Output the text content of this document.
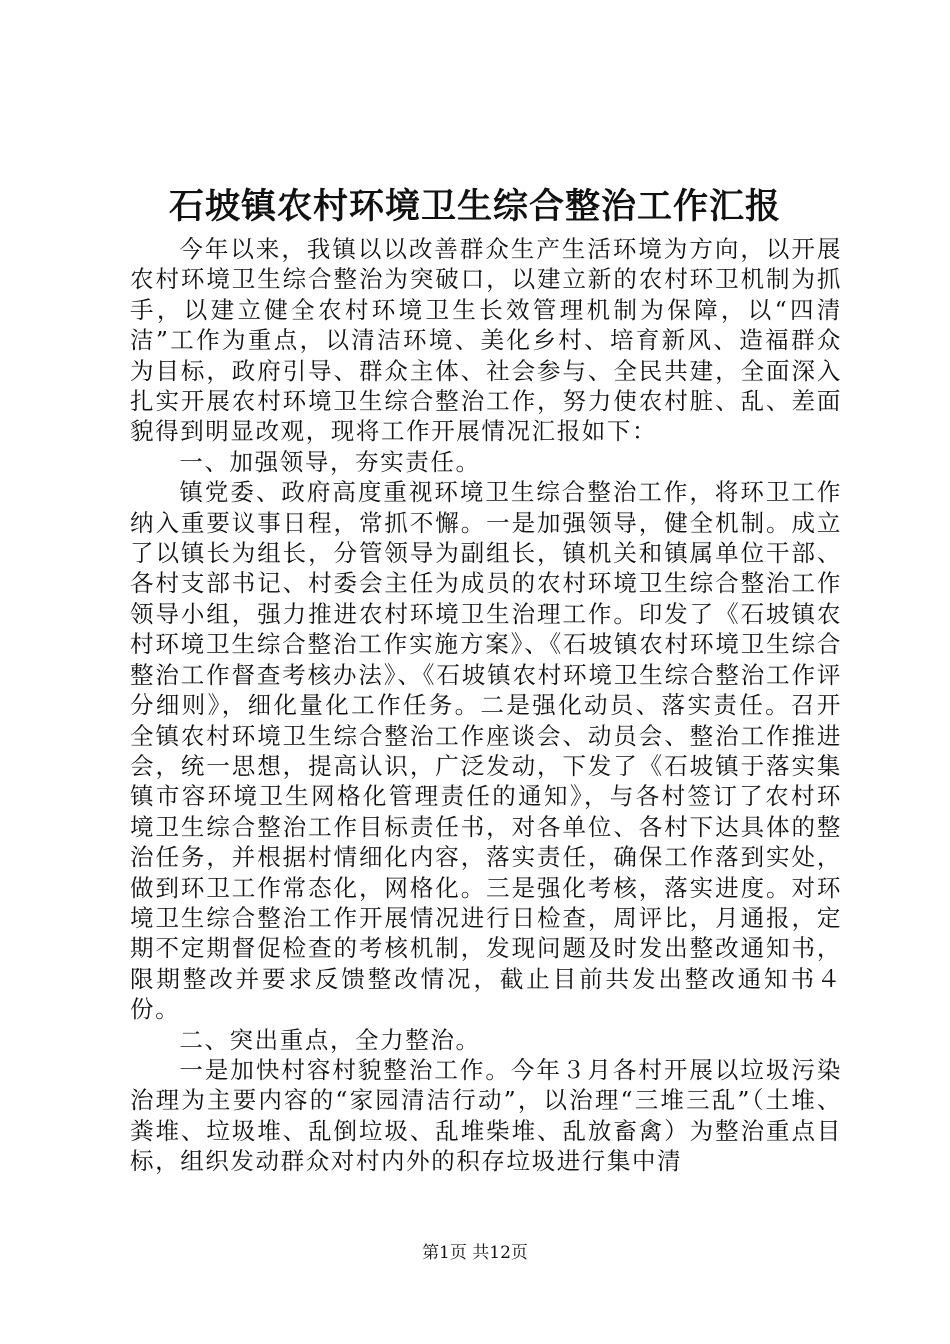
石坡镇农村环境卫生综合整治工作汇报

今年以来，我镇以以改善群众生产生活环境为方向，以开展农村环境卫生综合整治为突破口，以建立新的农村环卫机制为抓手，以建立健全农村环境卫生长效管理机制为保障，以“四清洁”工作为重点，以清洁环境、美化乡村、培育新风、造福群众为目标，政府引导、群众主体、社会参与、全民共建，全面深入扎实开展农村环境卫生综合整治工作，努力使农村脏、乱、差面貌得到明显改观，现将工作开展情况汇报如下：

一、加强领导，夯实责任。

镇党委、政府高度重视环境卫生综合整治工作，将环卫工作纳入重要议事日程，常抓不懈。一是加强领导，健全机制。成立了以镇长为组长，分管领导为副组长，镇机关和镇属单位干部、各村支部书记、村委会主任为成员的农村环境卫生综合整治工作领导小组，强力推进农村环境卫生治理工作。印发了《石坡镇农村环境卫生综合整治工作实施方案》、《石坡镇农村环境卫生综合整治工作督查考核办法》、《石坡镇农村环境卫生综合整治工作评分细则》，细化量化工作任务。二是强化动员、落实责任。召开全镇农村环境卫生综合整治工作座谈会、动员会、整治工作推进会，统一思想，提高认识，广泛发动，下发了《石坡镇于落实集镇市容环境卫生网格化管理责任的通知》，与各村签订了农村环境卫生综合整治工作目标责任书，对各单位、各村下达具体的整治任务，并根据村情细化内容，落实责任，确保工作落到实处，做到环卫工作常态化，网格化。三是强化考核，落实进度。对环境卫生综合整治工作开展情况进行日检查，周评比，月通报，定期不定期督促检查的考核机制，发现问题及时发出整改通知书，限期整改并要求反馈整改情况，截止目前共发出整改通知书４份。

二、突出重点，全力整治。

一是加快村容村貌整治工作。今年３月各村开展以垃圾污染治理为主要内容的“家园清洁行动”，以治理“三堆三乱”（土堆、粪堆、垃圾堆、乱倒垃圾、乱堆柴堆、乱放畜禽）为整治重点目标，组织发动群众对村内外的积存垃圾进行集中清

第1页 共12页
